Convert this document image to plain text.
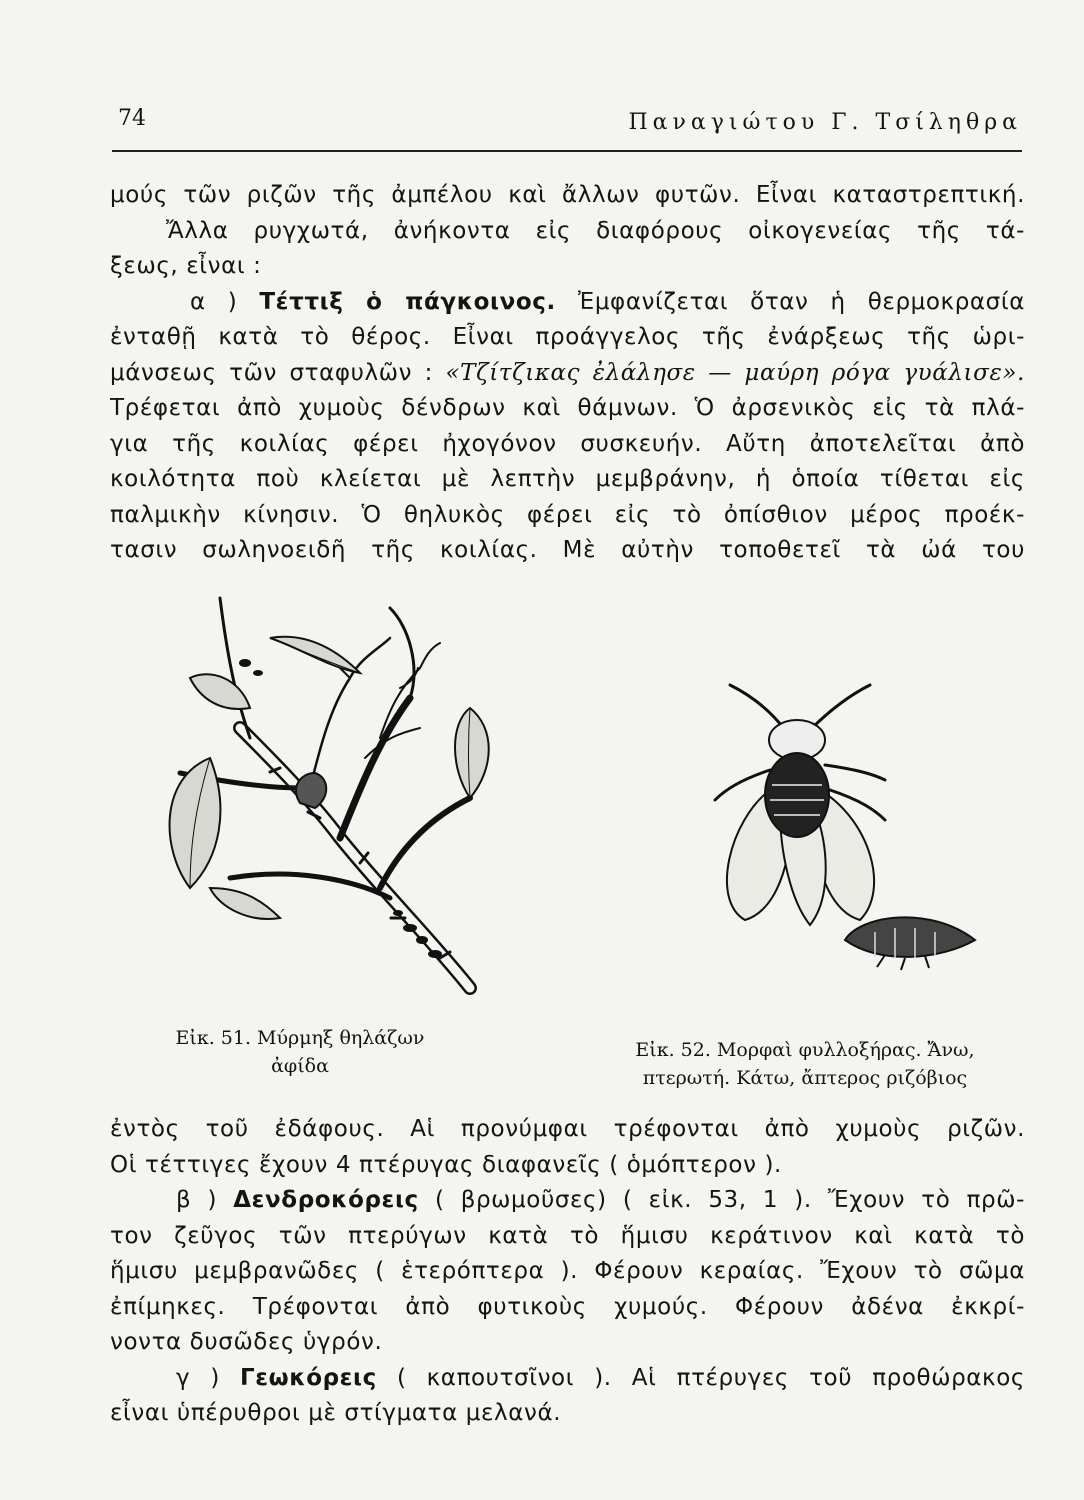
74	Παναγιώτου Γ. Τσίληθρα
μούς τῶν ριζῶν τῆς ἀμπέλου καὶ ἄλλων φυτῶν. Εἶναι καταστρεπτική.
Ἄλλα ρυγχωτά, ἀνήκοντα εἰς διαφόρους οἰκογενείας τῆς τά-
ξεως, εἶναι :
α ) Τέττιξ ὁ πάγκοινος. Ἐμφανίζεται ὅταν ἡ θερμοκρασία
ἐνταθῇ κατὰ τὸ θέρος. Εἶναι προάγγελος τῆς ἐνάρξεως τῆς ὡρι-
μάνσεως τῶν σταφυλῶν : «Τζίτζικας ἐλάλησε — μαύρη ρόγα γυάλισε».
Τρέφεται ἀπὸ χυμοὺς δένδρων καὶ θάμνων. Ὁ ἀρσενικὸς εἰς τὰ πλά-
για τῆς κοιλίας φέρει ἠχογόνον συσκευήν. Αὔτη ἀποτελεῖται ἀπὸ
κοιλότητα ποὺ κλείεται μὲ λεπτὴν μεμβράνην, ἡ ὁποία τίθεται εἰς
παλμικὴν κίνησιν. Ὁ θηλυκὸς φέρει εἰς τὸ ὀπίσθιον μέρος προέκ-
τασιν σωληνοειδῆ τῆς κοιλίας. Μὲ αὐτὴν τοποθετεῖ τὰ ὠά του
Εἰκ. 51. Μύρμηξ θηλάζων
ἀφίδα
Εἰκ. 52. Μορφαὶ φυλλοξήρας. Ἄνω,
πτερωτή. Κάτω, ἄπτερος ριζόβιος
ἐντὸς τοῦ ἐδάφους. Αἱ προνύμφαι τρέφονται ἀπὸ χυμοὺς ριζῶν.
Οἱ τέττιγες ἔχουν 4 πτέρυγας διαφανεῖς ( ὁμόπτερον ).
β ) Δενδροκόρεις ( βρωμοῦσες) ( εἰκ. 53, 1 ). Ἔχουν τὸ πρῶ-
τον ζεῦγος τῶν πτερύγων κατὰ τὸ ἥμισυ κεράτινον καὶ κατὰ τὸ
ἥμισυ μεμβρανῶδες ( ἑτερόπτερα ). Φέρουν κεραίας. Ἔχουν τὸ σῶμα
ἐπίμηκες. Τρέφονται ἀπὸ φυτικοὺς χυμούς. Φέρουν ἀδένα ἐκκρί-
νοντα δυσῶδες ὑγρόν.
γ ) Γεωκόρεις ( καπουτσῖνοι ). Αἱ πτέρυγες τοῦ προθώρακος
εἶναι ὑπέρυθροι μὲ στίγματα μελανά.
